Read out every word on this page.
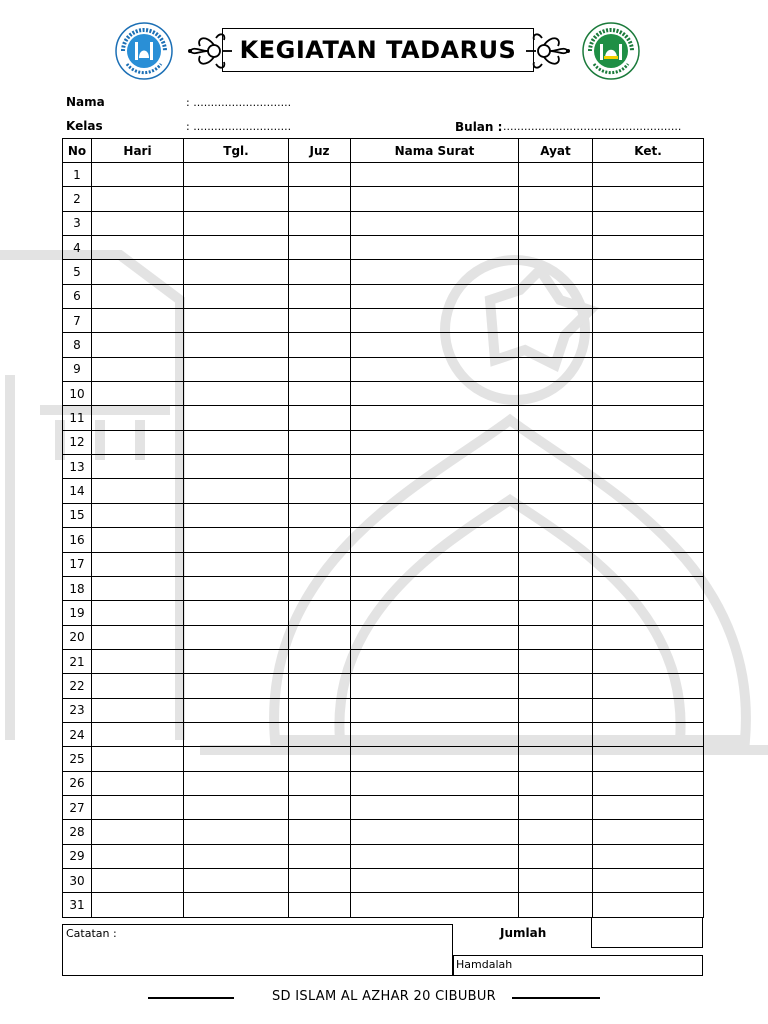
KEGIATAN TADARUS
Nama	: ............................
Kelas	: ............................	Bulan : ...................................................
No	Hari	Tgl.	Juz	Nama Surat	Ayat	Ket.
1						
2						
3						
4						
5						
6						
7						
8						
9						
10						
11						
12						
13						
14						
15						
16						
17						
18						
19						
20						
21						
22						
23						
24						
25						
26						
27						
28						
29						
30						
31						
Catatan :	Jumlah
Hamdalah
SD ISLAM AL AZHAR 20 CIBUBUR
